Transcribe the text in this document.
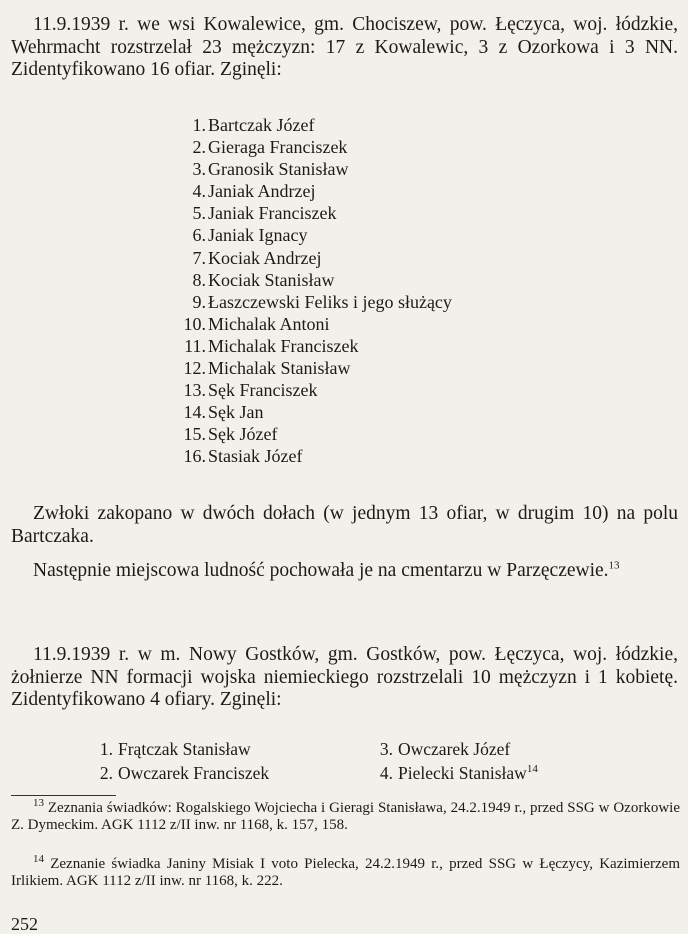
11.9.1939 r. we wsi Kowalewice, gm. Chociszew, pow. Łęczyca, woj. łódzkie, Wehrmacht rozstrzelał 23 mężczyzn: 17 z Kowalewic, 3 z Ozorkowa i 3 NN. Zidentyfikowano 16 ofiar. Zginęli:

1. Bartczak Józef
2. Gieraga Franciszek
3. Granosik Stanisław
4. Janiak Andrzej
5. Janiak Franciszek
6. Janiak Ignacy
7. Kociak Andrzej
8. Kociak Stanisław
9. Łaszczewski Feliks i jego służący
10. Michalak Antoni
11. Michalak Franciszek
12. Michalak Stanisław
13. Sęk Franciszek
14. Sęk Jan
15. Sęk Józef
16. Stasiak Józef

Zwłoki zakopano w dwóch dołach (w jednym 13 ofiar, w drugim 10) na polu Bartczaka.

Następnie miejscowa ludność pochowała je na cmentarzu w Parzęczewie.$^{13}$

11.9.1939 r. w m. Nowy Gostków, gm. Gostków, pow. Łęczyca, woj. łódzkie, żołnierze NN formacji wojska niemieckiego rozstrzelali 10 mężczyzn i 1 kobietę. Zidentyfikowano 4 ofiary. Zginęli:

1. Frątczak Stanisław	3. Owczarek Józef
2. Owczarek Franciszek	4. Pielecki Stanisław$^{14}$

$^{13}$ Zeznania świadków: Rogalskiego Wojciecha i Gieragi Stanisława, 24.2.1949 r., przed SSG w Ozorkowie Z. Dymeckim. AGK 1112 z/II inw. nr 1168, k. 157, 158.

$^{14}$ Zeznanie świadka Janiny Misiak I voto Pielecka, 24.2.1949 r., przed SSG w Łęczycy, Kazimierzem Irlikiem. AGK 1112 z/II inw. nr 1168, k. 222.

252
